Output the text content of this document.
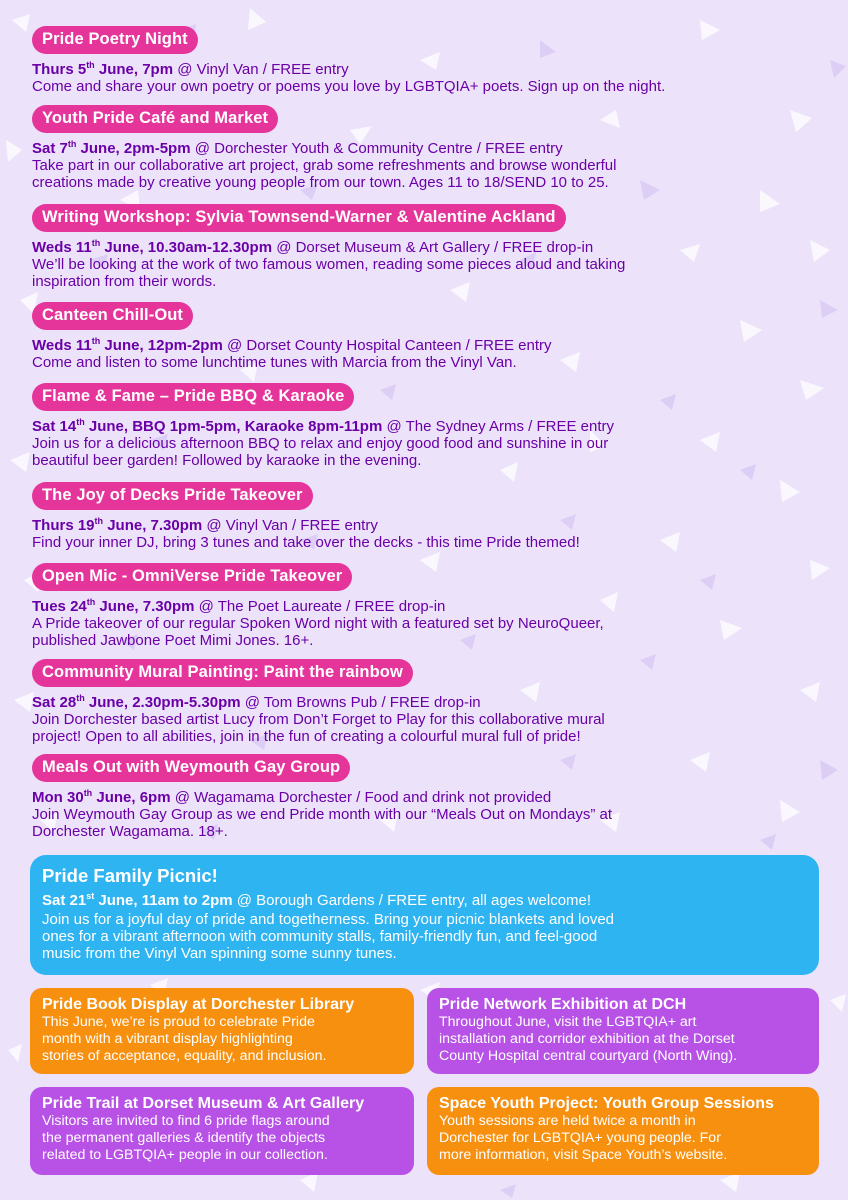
Pride Poetry Night
Thurs 5th June, 7pm @ Vinyl Van / FREE entry
Come and share your own poetry or poems you love by LGBTQIA+ poets. Sign up on the night.
Youth Pride Café and Market
Sat 7th June, 2pm-5pm @ Dorchester Youth & Community Centre / FREE entry
Take part in our collaborative art project, grab some refreshments and browse wonderful
creations made by creative young people from our town. Ages 11 to 18/SEND 10 to 25.
Writing Workshop: Sylvia Townsend-Warner & Valentine Ackland
Weds 11th June, 10.30am-12.30pm @ Dorset Museum & Art Gallery / FREE drop-in
We’ll be looking at the work of two famous women, reading some pieces aloud and taking
inspiration from their words.
Canteen Chill-Out
Weds 11th June, 12pm-2pm @ Dorset County Hospital Canteen / FREE entry
Come and listen to some lunchtime tunes with Marcia from the Vinyl Van.
Flame & Fame – Pride BBQ & Karaoke
Sat 14th June, BBQ 1pm-5pm, Karaoke 8pm-11pm @ The Sydney Arms / FREE entry
Join us for a delicious afternoon BBQ to relax and enjoy good food and sunshine in our
beautiful beer garden! Followed by karaoke in the evening.
The Joy of Decks Pride Takeover
Thurs 19th June, 7.30pm @ Vinyl Van / FREE entry
Find your inner DJ, bring 3 tunes and take over the decks - this time Pride themed!
Open Mic - OmniVerse Pride Takeover
Tues 24th June, 7.30pm @ The Poet Laureate / FREE drop-in
A Pride takeover of our regular Spoken Word night with a featured set by NeuroQueer,
published Jawbone Poet Mimi Jones. 16+.
Community Mural Painting: Paint the rainbow
Sat 28th June, 2.30pm-5.30pm @ Tom Browns Pub / FREE drop-in
Join Dorchester based artist Lucy from Don’t Forget to Play for this collaborative mural
project! Open to all abilities, join in the fun of creating a colourful mural full of pride!
Meals Out with Weymouth Gay Group
Mon 30th June, 6pm @ Wagamama Dorchester / Food and drink not provided
Join Weymouth Gay Group as we end Pride month with our “Meals Out on Mondays” at
Dorchester Wagamama. 18+.
Pride Family Picnic!
Sat 21st June, 11am to 2pm @ Borough Gardens / FREE entry, all ages welcome!
Join us for a joyful day of pride and togetherness. Bring your picnic blankets and loved
ones for a vibrant afternoon with community stalls, family-friendly fun, and feel-good
music from the Vinyl Van spinning some sunny tunes.
Pride Book Display at Dorchester Library
This June, we’re is proud to celebrate Pride
month with a vibrant display highlighting
stories of acceptance, equality, and inclusion.
Pride Network Exhibition at DCH
Throughout June, visit the LGBTQIA+ art
installation and corridor exhibition at the Dorset
County Hospital central courtyard (North Wing).
Pride Trail at Dorset Museum & Art Gallery
Visitors are invited to find 6 pride flags around
the permanent galleries & identify the objects
related to LGBTQIA+ people in our collection.
Space Youth Project: Youth Group Sessions
Youth sessions are held twice a month in
Dorchester for LGBTQIA+ young people. For
more information, visit Space Youth’s website.
